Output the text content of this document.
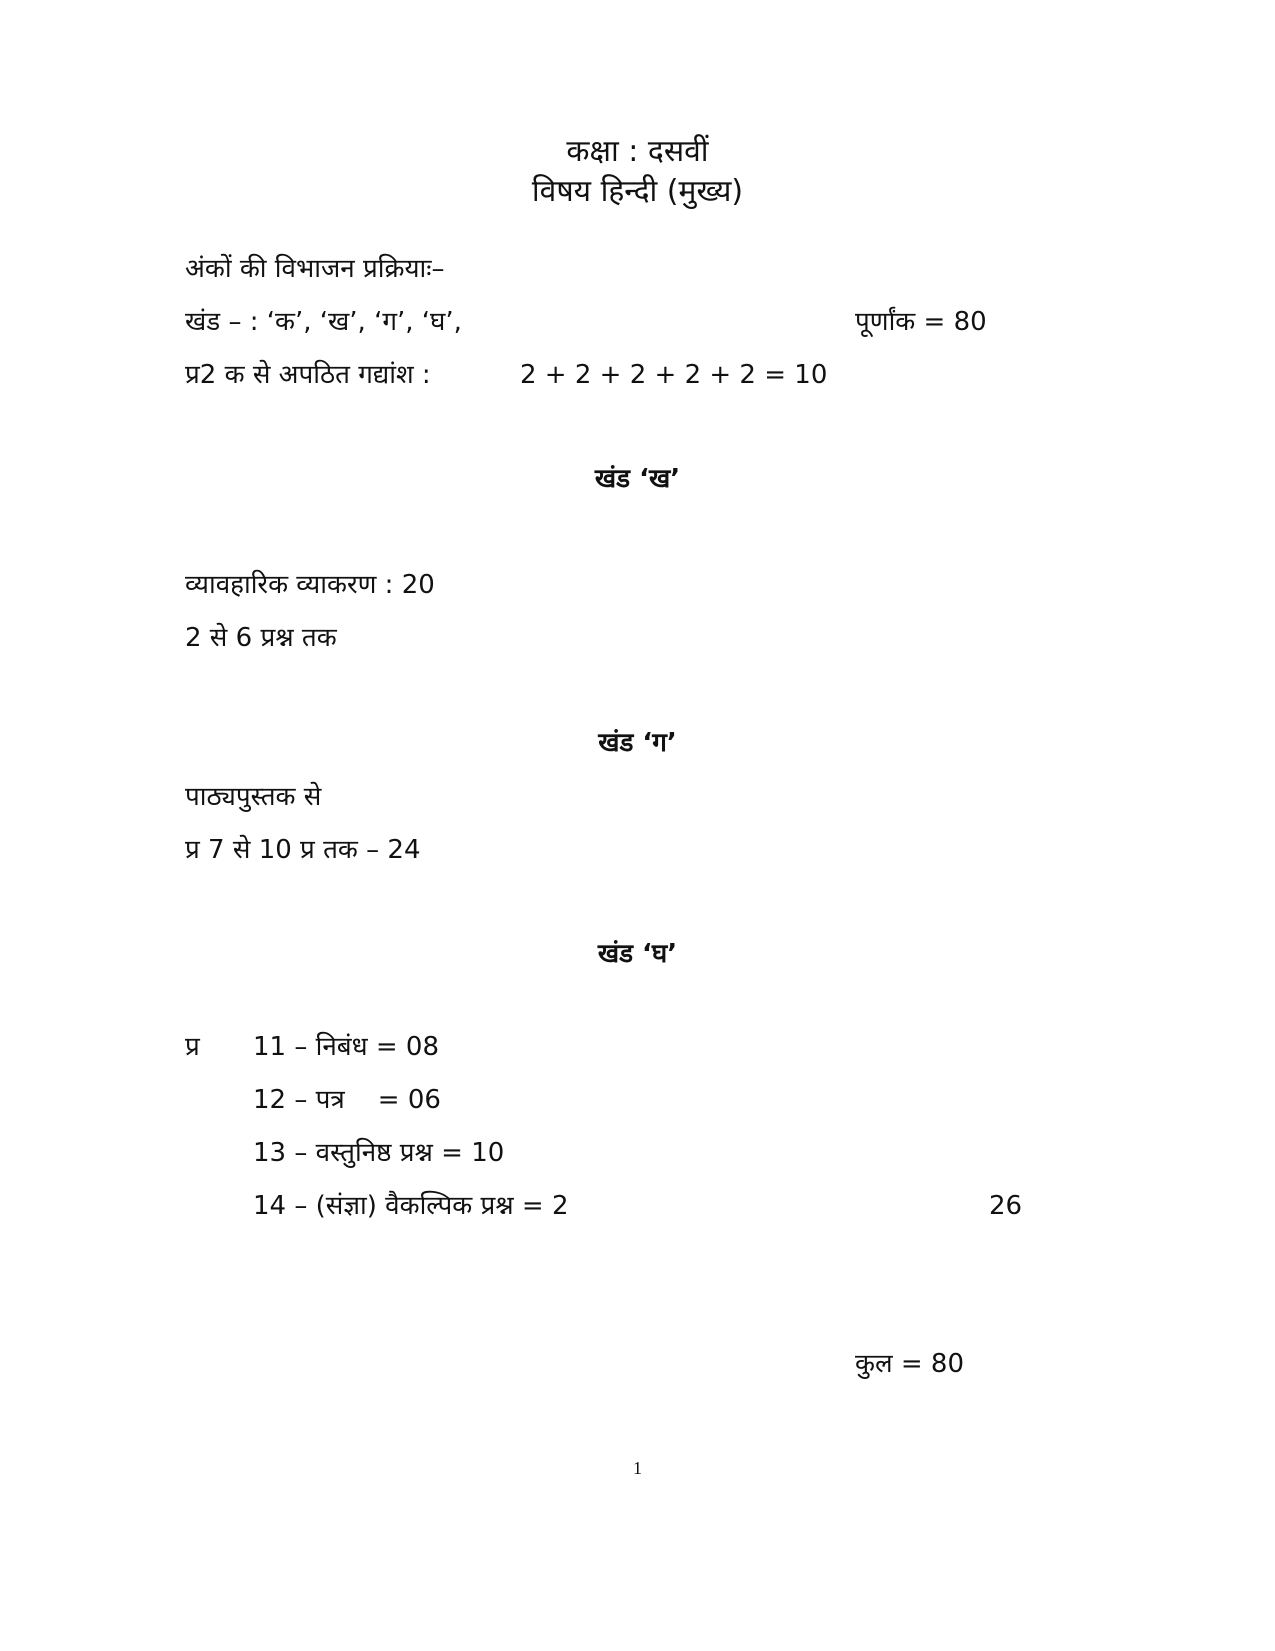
कक्षा : दसवीं
विषय हिन्दी (मुख्य)
अंकों की विभाजन प्रक्रियाः–
खंड – : ‘क’, ‘ख’, ‘ग’, ‘घ’,	पूर्णांक = 80
प्र2 क से अपठित गद्यांश :	2 + 2 + 2 + 2 + 2 = 10
खंड ‘ख’
व्यावहारिक व्याकरण : 20
2 से 6 प्रश्न तक
खंड ‘ग’
पाठ्यपुस्तक से
प्र 7 से 10 प्र तक – 24
खंड ‘घ’
प्र 11 – निबंध = 08
12 – पत्र    = 06
13 – वस्तुनिष्ठ प्रश्न = 10
14 – (संज्ञा) वैकल्पिक प्रश्न = 2	26
कुल = 80
1
